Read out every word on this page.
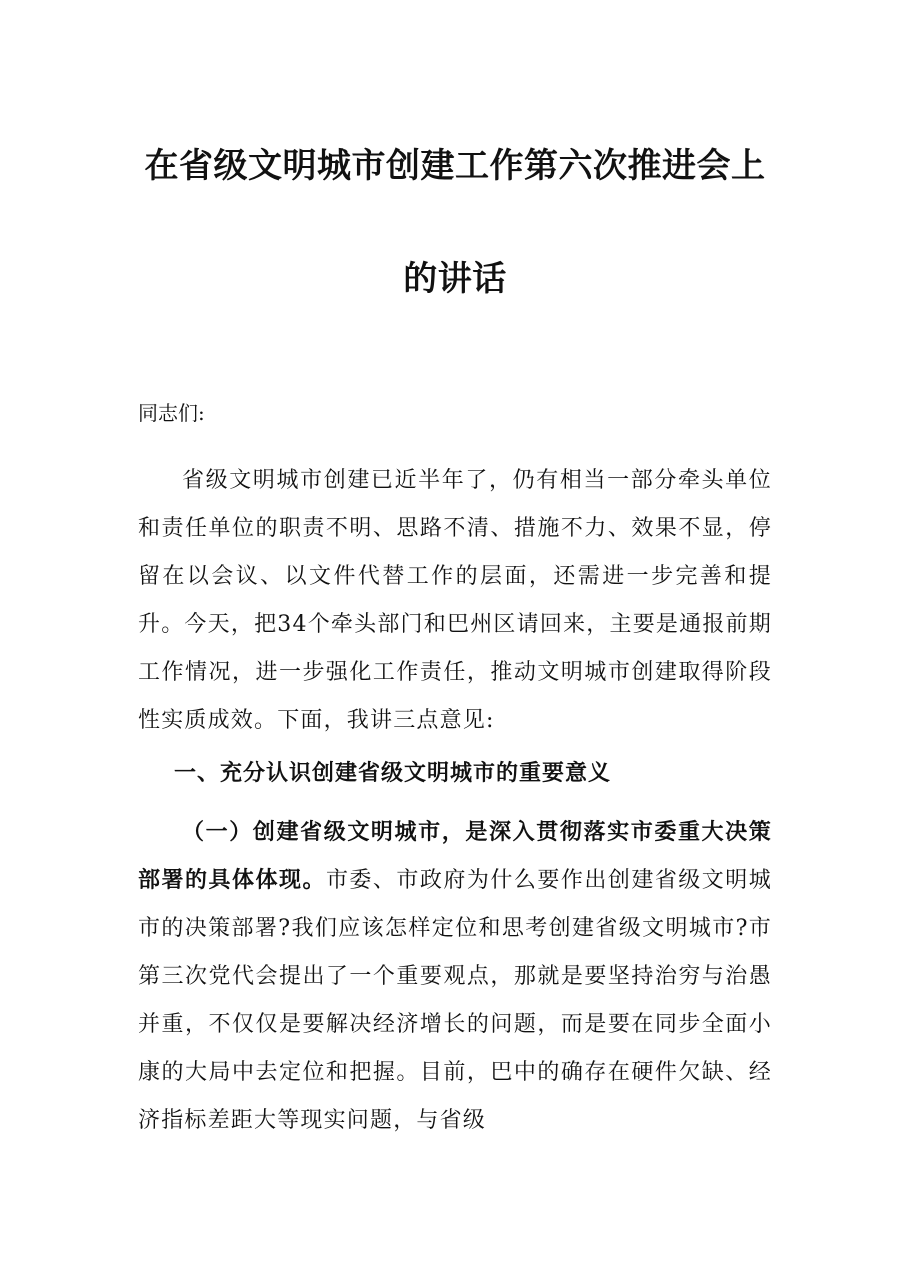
在省级文明城市创建工作第六次推进会上
的讲话
同志们:
省级文明城市创建已近半年了，仍有相当一部分牵头单位和责任单位的职责不明、思路不清、措施不力、效果不显，停留在以会议、以文件代替工作的层面，还需进一步完善和提升。今天，把34个牵头部门和巴州区请回来，主要是通报前期工作情况，进一步强化工作责任，推动文明城市创建取得阶段性实质成效。下面，我讲三点意见:
一、充分认识创建省级文明城市的重要意义
（一）创建省级文明城市，是深入贯彻落实市委重大决策部署的具体体现。市委、市政府为什么要作出创建省级文明城市的决策部署?我们应该怎样定位和思考创建省级文明城市?市第三次党代会提出了一个重要观点，那就是要坚持治穷与治愚并重，不仅仅是要解决经济增长的问题，而是要在同步全面小康的大局中去定位和把握。目前，巴中的确存在硬件欠缺、经济指标差距大等现实问题，与省级
